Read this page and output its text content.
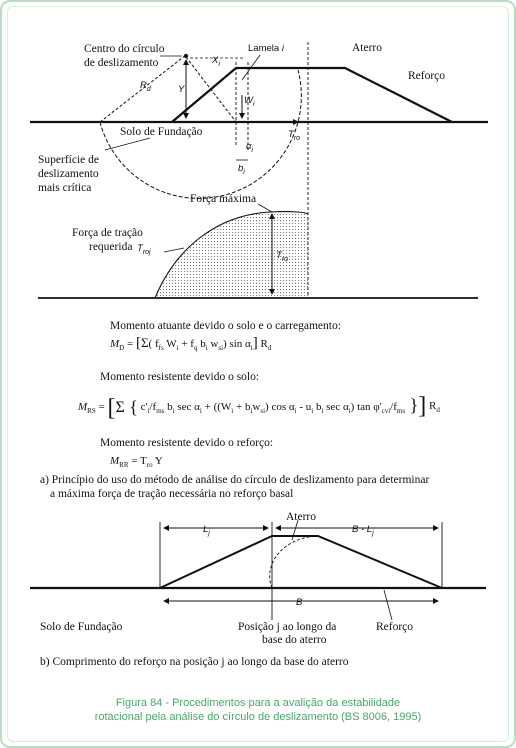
Centro do círculo
de deslizamento	$X_i$
Lamela i	Aterro
Reforço
$R_d$	Y
$W_i$
Solo de Fundação	$T_{ro}$
$\alpha_i$
$b_i$
Superfície de
deslizamento
mais crítica
Força máxima
Força de tração
requerida $T_{roj}$	$T_{ro}$
Momento atuante devido o solo e o carregamento:
$M_D = [\Sigma$( $f_{fs}$ $W_i + f_q$ $b_i$ $w_{si}$) $\sin \alpha_i$] $R_d$
Momento resistente devido o solo:
$M_{RS} = [\Sigma$ { $c'_i/f_{ms}$ $b_i$ $\sec \alpha_i + ((W_i + b_iw_{si})$ $\cos \alpha_i - u_i$ $b_i$ $\sec \alpha_i$) $\tan \varphi'_{cvi}/f_{ms}$ }] $R_d$
Momento resistente devido o reforço:
$M_{RR} = T_{ro}$ Y
a) Princípio do uso do método de análise do círculo de deslizamento para determinar
a máxima força de tração necessária no reforço basal
$L_j$
Aterro
B - $L_j$
B
Solo de Fundação	Posição j ao longo da
base do aterro
Reforço
b) Comprimento do reforço na posição j ao longo da base do aterro
Figura 84 - Procedimentos para a avalição da estabilidade
rotacional pela análise do círculo de deslizamento (BS 8006, 1995)
